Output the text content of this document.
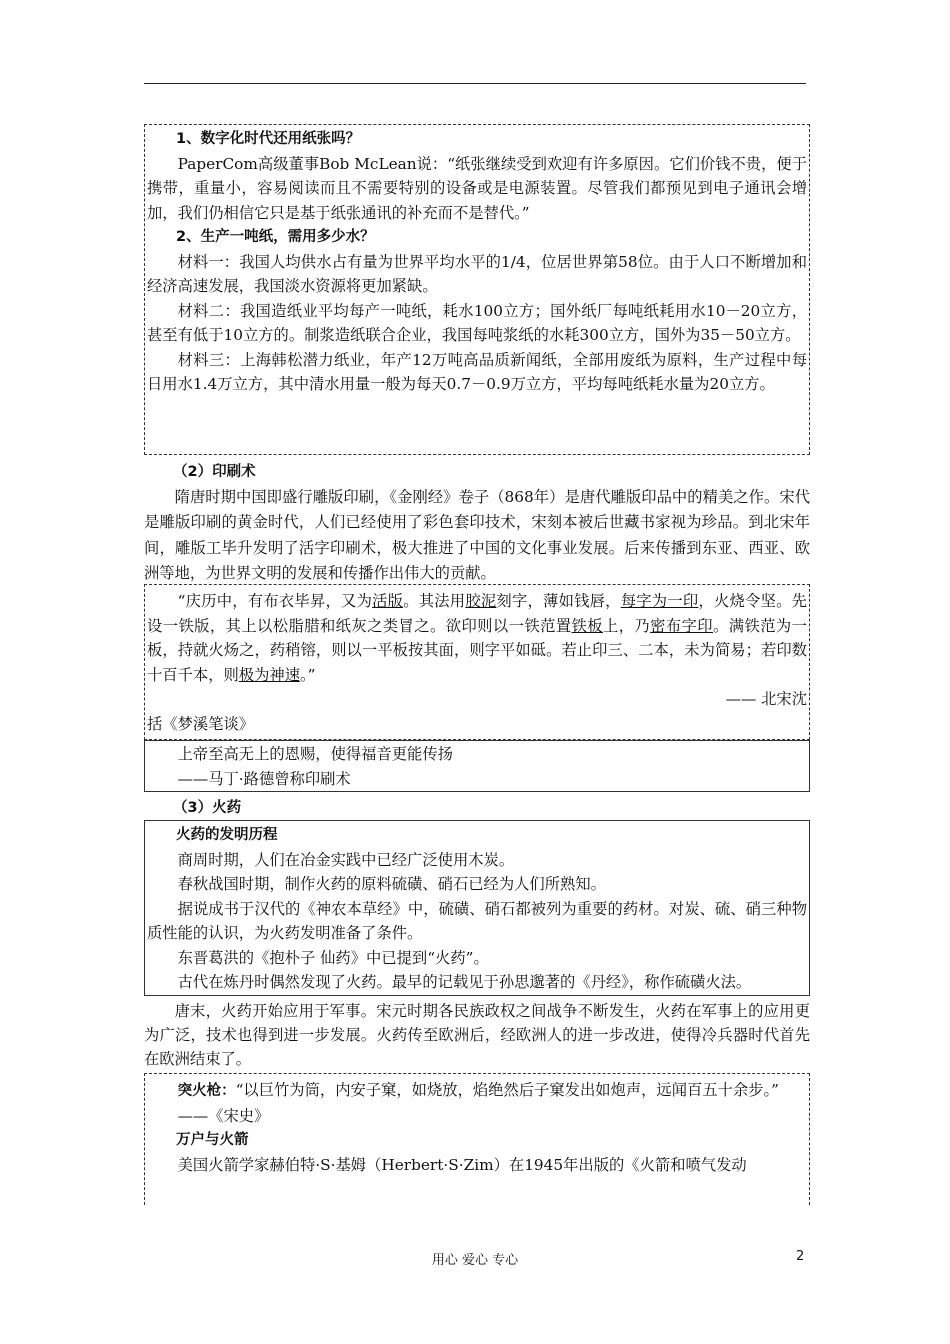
1、数字化时代还用纸张吗？

PaperCom高级董事Bob McLean说：“纸张继续受到欢迎有许多原因。它们价钱不贵，便于携带，重量小，容易阅读而且不需要特别的设备或是电源装置。尽管我们都预见到电子通讯会增加，我们仍相信它只是基于纸张通讯的补充而不是替代。”

2、生产一吨纸，需用多少水？

材料一：我国人均供水占有量为世界平均水平的1/4，位居世界第58位。由于人口不断增加和经济高速发展，我国淡水资源将更加紧缺。

材料二：我国造纸业平均每产一吨纸，耗水100立方；国外纸厂每吨纸耗用水10－20立方，甚至有低于10立方的。制浆造纸联合企业，我国每吨浆纸的水耗300立方，国外为35－50立方。

材料三：上海韩松潜力纸业，年产12万吨高品质新闻纸，全部用废纸为原料，生产过程中每日用水1.4万立方，其中清水用量一般为每天0.7－0.9万立方，平均每吨纸耗水量为20立方。

（2）印刷术

隋唐时期中国即盛行雕版印刷，《金刚经》卷子（868年）是唐代雕版印品中的精美之作。宋代是雕版印刷的黄金时代，人们已经使用了彩色套印技术，宋刻本被后世藏书家视为珍品。到北宋年间，雕版工毕升发明了活字印刷术，极大推进了中国的文化事业发展。后来传播到东亚、西亚、欧洲等地，为世界文明的发展和传播作出伟大的贡献。

“庆历中，有布衣毕昇，又为活版。其法用胶泥刻字，薄如钱唇，每字为一印，火烧令坚。先设一铁版，其上以松脂腊和纸灰之类冒之。欲印则以一铁范置铁板上，乃密布字印。满铁范为一板，持就火炀之，药稍镕，则以一平板按其面，则字平如砥。若止印三、二本，未为简易；若印数十百千本，则极为神速。”

—— 北宋沈

括《梦溪笔谈》

上帝至高无上的恩赐，使得福音更能传扬

——马丁·路德曾称印刷术

（3）火药

火药的发明历程

商周时期，人们在冶金实践中已经广泛使用木炭。

春秋战国时期，制作火药的原料硫磺、硝石已经为人们所熟知。

据说成书于汉代的《神农本草经》中，硫磺、硝石都被列为重要的药材。对炭、硫、硝三种物质性能的认识，为火药发明准备了条件。

东晋葛洪的《抱朴子 仙药》中已提到“火药”。

古代在炼丹时偶然发现了火药。最早的记载见于孙思邈著的《丹经》，称作硫磺火法。

唐末，火药开始应用于军事。宋元时期各民族政权之间战争不断发生，火药在军事上的应用更为广泛，技术也得到进一步发展。火药传至欧洲后，经欧洲人的进一步改进，使得冷兵器时代首先在欧洲结束了。

突火枪：“以巨竹为筒，内安子窠，如烧放，焰绝然后子窠发出如炮声，远闻百五十余步。”

——《宋史》

万户与火箭

美国火箭学家赫伯特·S·基姆（Herbert·S·Zim）在1945年出版的《火箭和喷气发动

用心 爱心 专心	2
